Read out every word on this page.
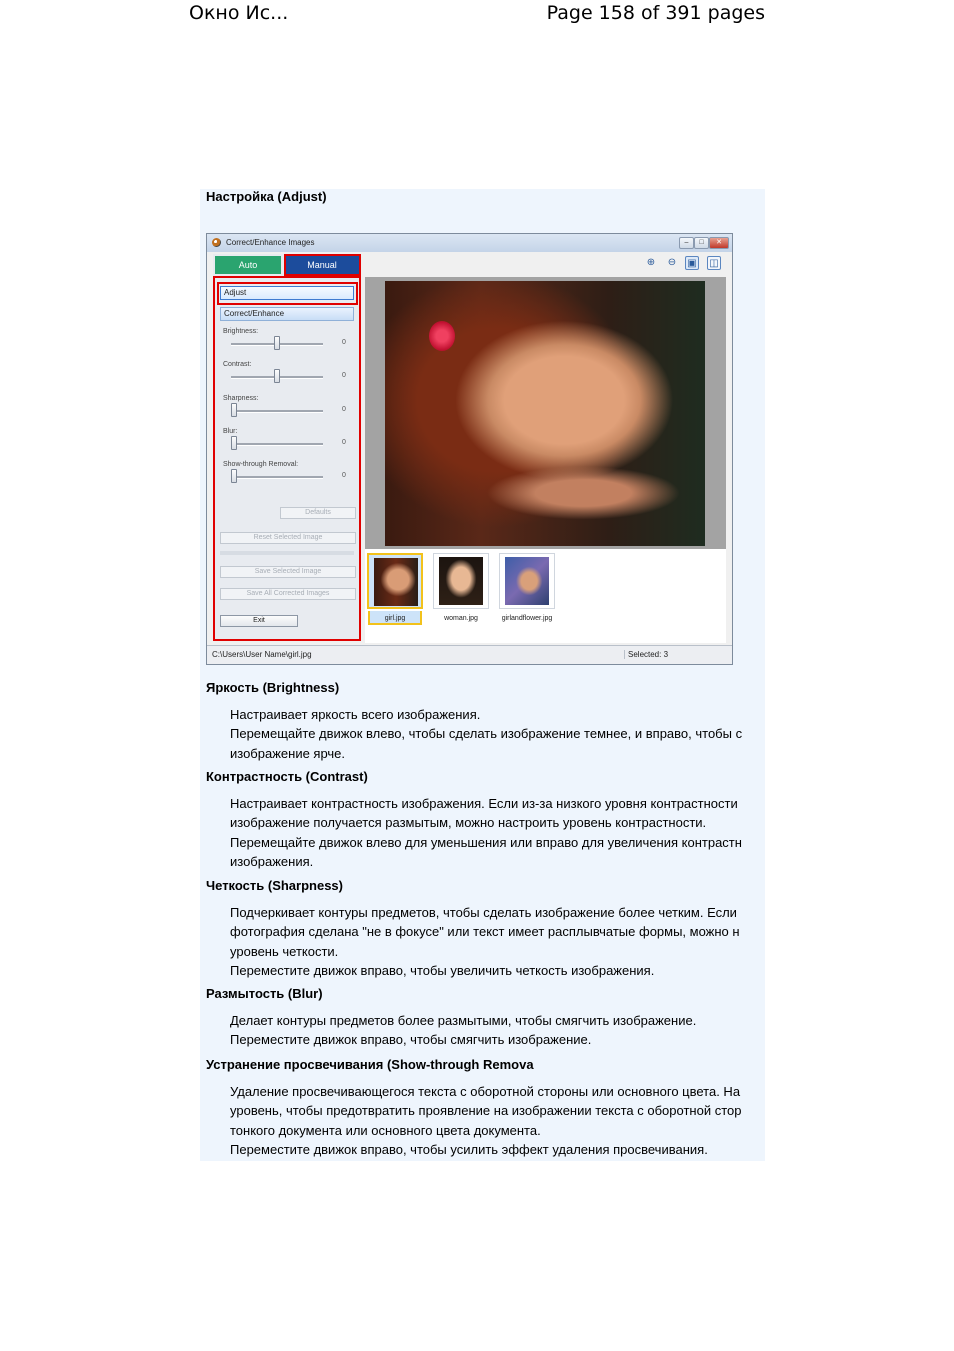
Окно Ис...	Page 158 of 391 pages
Настройка (Adjust)
Correct/Enhance Images	–	□	✕
Auto	Manual
Adjust
Correct/Enhance
Defaults
Reset Selected Image
Save Selected Image
Save All Corrected Images
Exit
Brightness:
0
Contrast:
0
Sharpness:
0
Blur:
0
Show-through Removal:
0
⊕ ⊖ ▣ ◫
girl.jpg	woman.jpg	girlandflower.jpg
C:\Users\User Name\girl.jpg	Selected: 3
Яркость (Brightness)
Настраивает яркость всего изображения.
Перемещайте движок влево, чтобы сделать изображение темнее, и вправо, чтобы с
изображение ярче.
Контрастность (Contrast)
Настраивает контрастность изображения. Если из-за низкого уровня контрастности
изображение получается размытым, можно настроить уровень контрастности.
Перемещайте движок влево для уменьшения или вправо для увеличения контрастн
изображения.
Четкость (Sharpness)
Подчеркивает контуры предметов, чтобы сделать изображение более четким. Если
фотография сделана "не в фокусе" или текст имеет расплывчатые формы, можно н
уровень четкости.
Переместите движок вправо, чтобы увеличить четкость изображения.
Размытость (Blur)
Делает контуры предметов более размытыми, чтобы смягчить изображение.
Переместите движок вправо, чтобы смягчить изображение.
Устранение просвечивания (Show-through Remova
Удаление просвечивающегося текста с оборотной стороны или основного цвета. На
уровень, чтобы предотвратить проявление на изображении текста с оборотной стор
тонкого документа или основного цвета документа.
Переместите движок вправо, чтобы усилить эффект удаления просвечивания.
